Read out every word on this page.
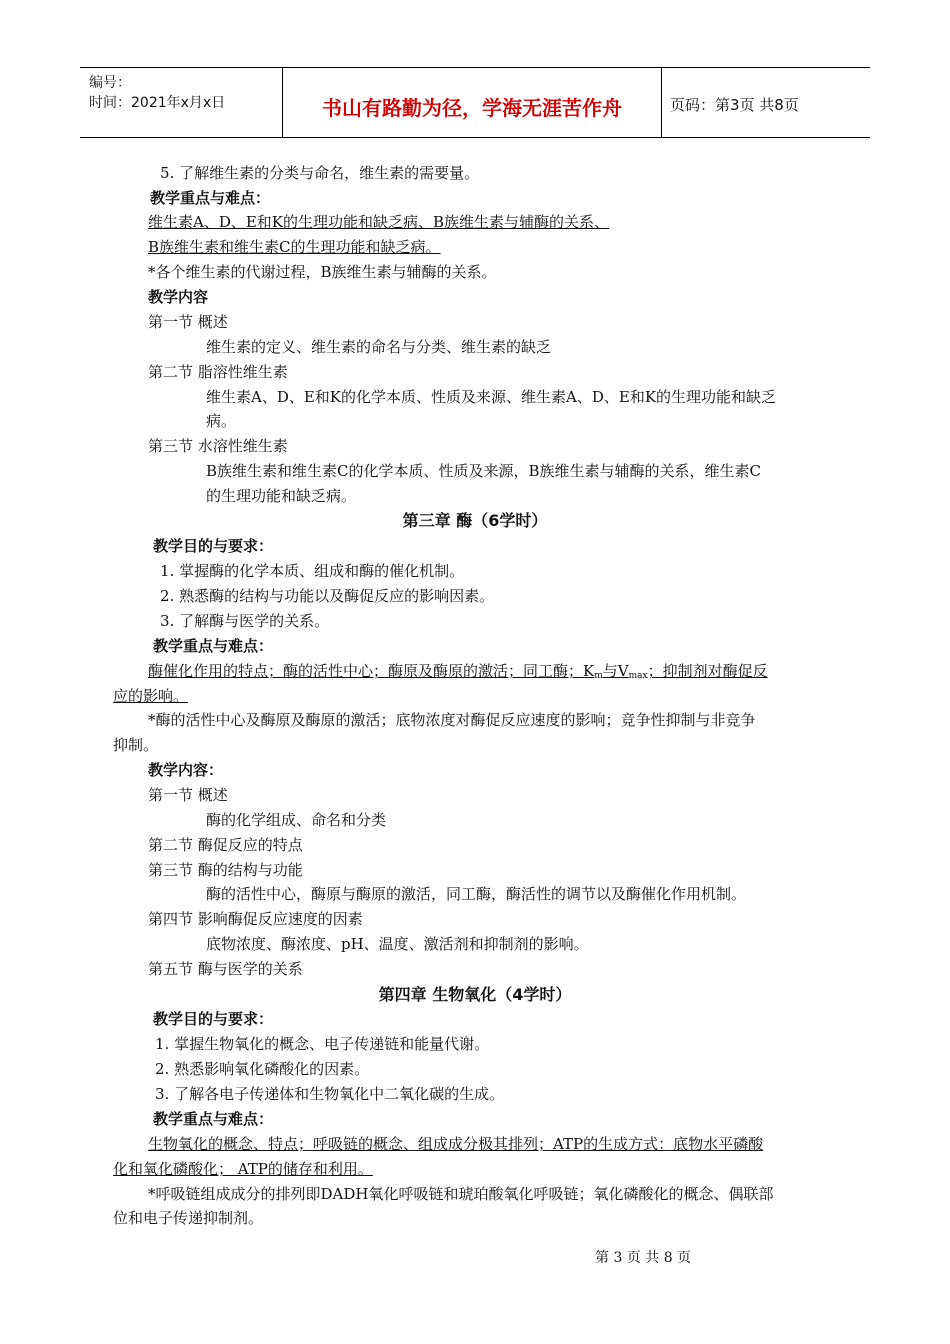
编号：
时间：2021年x月x日	书山有路勤为径，学海无涯苦作舟	页码：第3页 共8页
5. 了解维生素的分类与命名，维生素的需要量。
教学重点与难点：
维生素A、D、E和K的生理功能和缺乏病、B族维生素与辅酶的关系、
B族维生素和维生素C的生理功能和缺乏病。
*各个维生素的代谢过程，B族维生素与辅酶的关系。
教学内容
第一节 概述
维生素的定义、维生素的命名与分类、维生素的缺乏
第二节 脂溶性维生素
维生素A、D、E和K的化学本质、性质及来源、维生素A、D、E和K的生理功能和缺乏
病。
第三节 水溶性维生素
B族维生素和维生素C的化学本质、性质及来源，B族维生素与辅酶的关系，维生素C
的生理功能和缺乏病。
第三章 酶（6学时）
教学目的与要求：
1. 掌握酶的化学本质、组成和酶的催化机制。
2. 熟悉酶的结构与功能以及酶促反应的影响因素。
3. 了解酶与医学的关系。
教学重点与难点：
酶催化作用的特点；酶的活性中心；酶原及酶原的激活；同工酶；$K_m$与$V_{max}$；抑制剂对酶促反
应的影响。
*酶的活性中心及酶原及酶原的激活；底物浓度对酶促反应速度的影响；竞争性抑制与非竞争
抑制。
教学内容：
第一节 概述
酶的化学组成、命名和分类
第二节 酶促反应的特点
第三节 酶的结构与功能
酶的活性中心，酶原与酶原的激活，同工酶，酶活性的调节以及酶催化作用机制。
第四节 影响酶促反应速度的因素
底物浓度、酶浓度、pH、温度、激活剂和抑制剂的影响。
第五节 酶与医学的关系
第四章 生物氧化（4学时）
教学目的与要求：
1. 掌握生物氧化的概念、电子传递链和能量代谢。
2. 熟悉影响氧化磷酸化的因素。
3. 了解各电子传递体和生物氧化中二氧化碳的生成。
教学重点与难点：
生物氧化的概念、特点；呼吸链的概念、组成成分极其排列；ATP的生成方式：底物水平磷酸
化和氧化磷酸化； ATP的储存和利用。
*呼吸链组成成分的排列即DADH氧化呼吸链和琥珀酸氧化呼吸链；氧化磷酸化的概念、偶联部
位和电子传递抑制剂。
第 3 页 共 8 页
